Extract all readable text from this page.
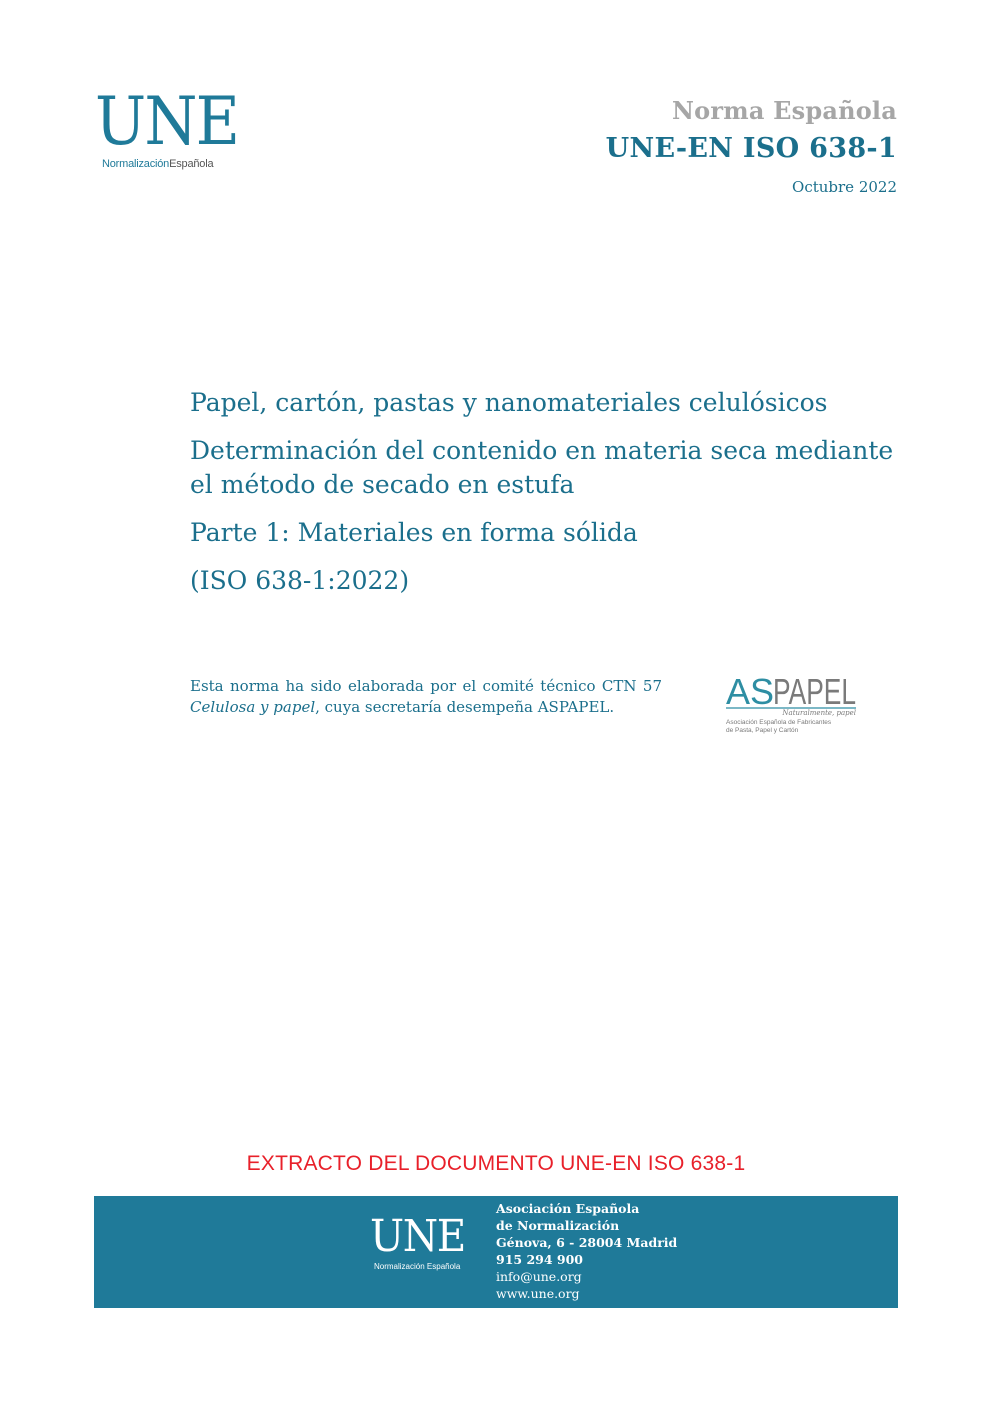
UNE
NormalizaciónEspañola
Norma Española
UNE-EN ISO 638-1
Octubre 2022

Papel, cartón, pastas y nanomateriales celulósicos

Determinación del contenido en materia seca mediante el método de secado en estufa

Parte 1: Materiales en forma sólida

(ISO 638-1:2022)

Esta norma ha sido elaborada por el comité técnico CTN 57 Celulosa y papel, cuya secretaría desempeña ASPAPEL.	AS
PAPEL
Naturalmente, papel
Asociación Española de Fabricantes
de Pasta, Papel y Cartón
EXTRACTO DEL DOCUMENTO UNE-EN ISO 638-1
UNE
Normalización Española
Asociación Española
de Normalización
Génova, 6 - 28004 Madrid
915 294 900
info@une.org
www.une.org
